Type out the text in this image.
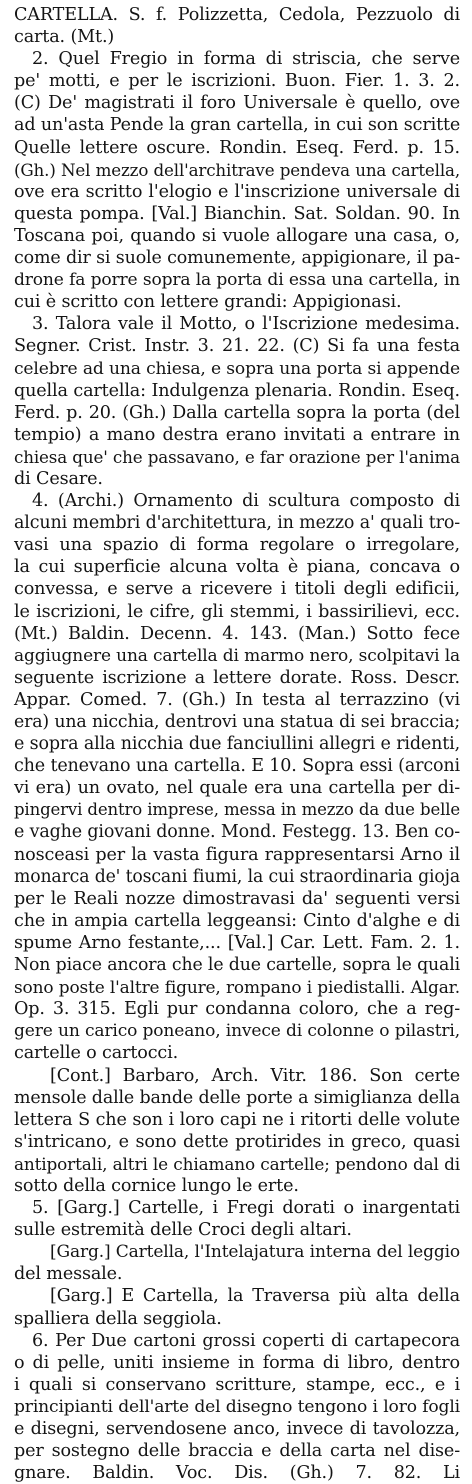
CARTELLA. S. f. Polizzetta, Cedola, Pezzuolo di
carta. (Mt.)
2. Quel Fregio in forma di striscia, che serve
pe' motti, e per le iscrizioni. Buon. Fier. 1. 3. 2.
(C) De' magistrati il foro Universale è quello, ove
ad un'asta Pende la gran cartella, in cui son scritte
Quelle lettere oscure. Rondin. Eseq. Ferd. p. 15.
(Gh.) Nel mezzo dell'architrave pendeva una cartella,
ove era scritto l'elogio e l'inscrizione universale di
questa pompa. [Val.] Bianchin. Sat. Soldan. 90. In
Toscana poi, quando si vuole allogare una casa, o,
come dir si suole comunemente, appigionare, il pa-
drone fa porre sopra la porta di essa una cartella, in
cui è scritto con lettere grandi: Appigionasi.
3. Talora vale il Motto, o l'Iscrizione medesima.
Segner. Crist. Instr. 3. 21. 22. (C) Si fa una festa
celebre ad una chiesa, e sopra una porta si appende
quella cartella: Indulgenza plenaria. Rondin. Eseq.
Ferd. p. 20. (Gh.) Dalla cartella sopra la porta (del
tempio) a mano destra erano invitati a entrare in
chiesa que' che passavano, e far orazione per l'anima
di Cesare.
4. (Archi.) Ornamento di scultura composto di
alcuni membri d'architettura, in mezzo a' quali tro-
vasi una spazio di forma regolare o irregolare,
la cui superficie alcuna volta è piana, concava o
convessa, e serve a ricevere i titoli degli edificii,
le iscrizioni, le cifre, gli stemmi, i bassirilievi, ecc.
(Mt.) Baldin. Decenn. 4. 143. (Man.) Sotto fece
aggiugnere una cartella di marmo nero, scolpitavi la
seguente iscrizione a lettere dorate. Ross. Descr.
Appar. Comed. 7. (Gh.) In testa al terrazzino (vi
era) una nicchia, dentrovi una statua di sei braccia;
e sopra alla nicchia due fanciullini allegri e ridenti,
che tenevano una cartella. E 10. Sopra essi (arconi
vi era) un ovato, nel quale era una cartella per di-
pingervi dentro imprese, messa in mezzo da due belle
e vaghe giovani donne. Mond. Festegg. 13. Ben co-
nosceasi per la vasta figura rappresentarsi Arno il
monarca de' toscani fiumi, la cui straordinaria gioja
per le Reali nozze dimostravasi da' seguenti versi
che in ampia cartella leggeansi: Cinto d'alghe e di
spume Arno festante,... [Val.] Car. Lett. Fam. 2. 1.
Non piace ancora che le due cartelle, sopra le quali
sono poste l'altre figure, rompano i piedistalli. Algar.
Op. 3. 315. Egli pur condanna coloro, che a reg-
gere un carico poneano, invece di colonne o pilastri,
cartelle o cartocci.
[Cont.] Barbaro, Arch. Vitr. 186. Son certe
mensole dalle bande delle porte a simiglianza della
lettera S che son i loro capi ne i ritorti delle volute
s'intricano, e sono dette protirides in greco, quasi
antiportali, altri le chiamano cartelle; pendono dal di
sotto della cornice lungo le erte.
5. [Garg.] Cartelle, i Fregi dorati o inargentati
sulle estremità delle Croci degli altari.
[Garg.] Cartella, l'Intelajatura interna del leggio
del messale.
[Garg.] E Cartella, la Traversa più alta della
spalliera della seggiola.
6. Per Due cartoni grossi coperti di cartapecora
o di pelle, uniti insieme in forma di libro, dentro
i quali si conservano scritture, stampe, ecc., e i
principianti dell'arte del disegno tengono i loro fogli
e disegni, servendosene anco, invece di tavolozza,
per sostegno delle braccia e della carta nel dise-
gnare. Baldin. Voc. Dis. (Gh.) 7. 82. Li
